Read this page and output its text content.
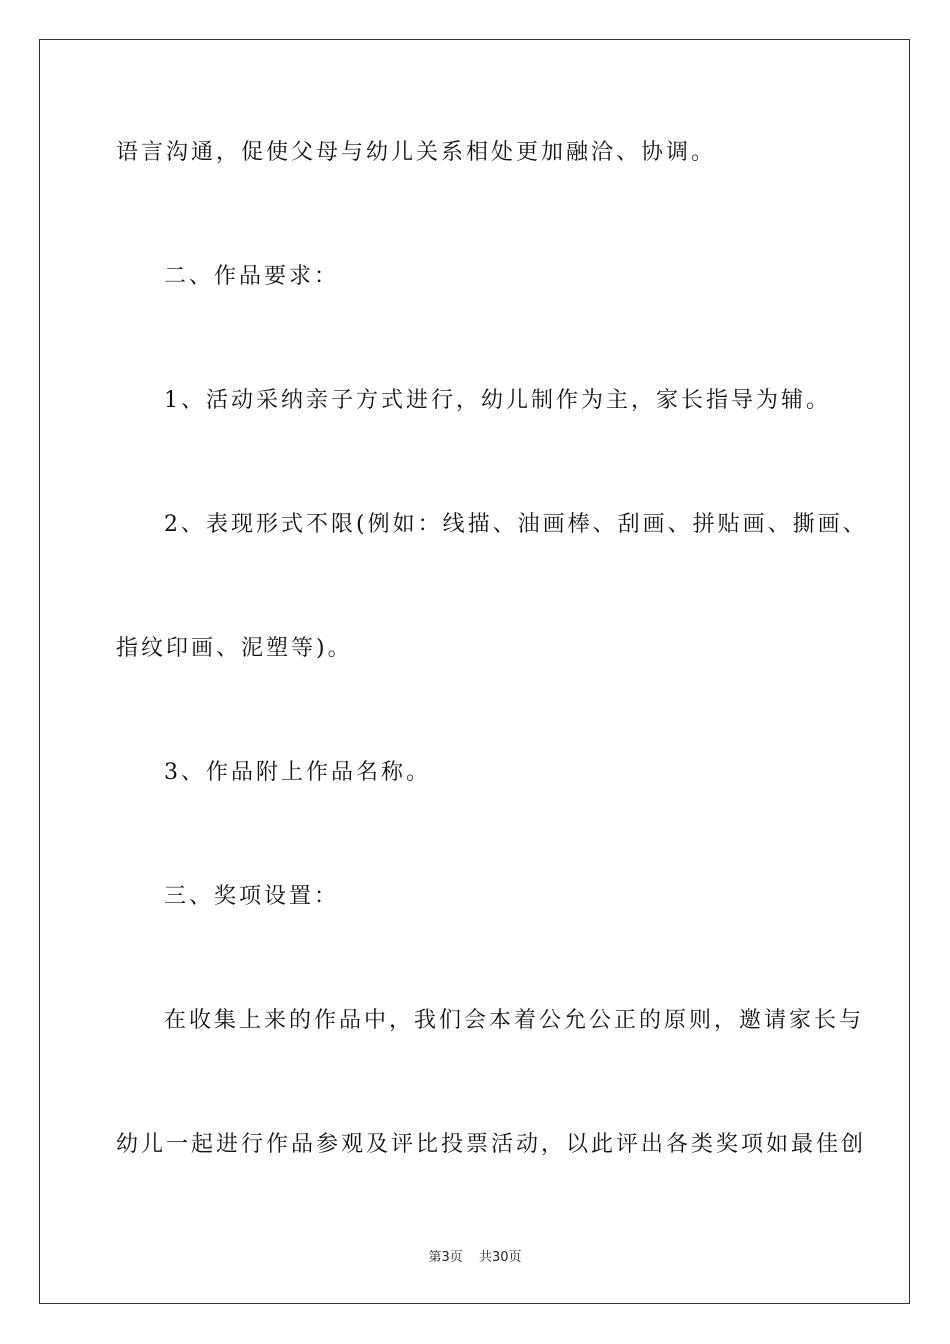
语言沟通，促使父母与幼儿关系相处更加融洽、协调。
二、作品要求：
1、活动采纳亲子方式进行，幼儿制作为主，家长指导为辅。
2、表现形式不限(例如：线描、油画棒、刮画、拼贴画、撕画、
指纹印画、泥塑等)。
3、作品附上作品名称。
三、奖项设置：
在收集上来的作品中，我们会本着公允公正的原则，邀请家长与
幼儿一起进行作品参观及评比投票活动，以此评出各类奖项如最佳创
第3页 共30页
